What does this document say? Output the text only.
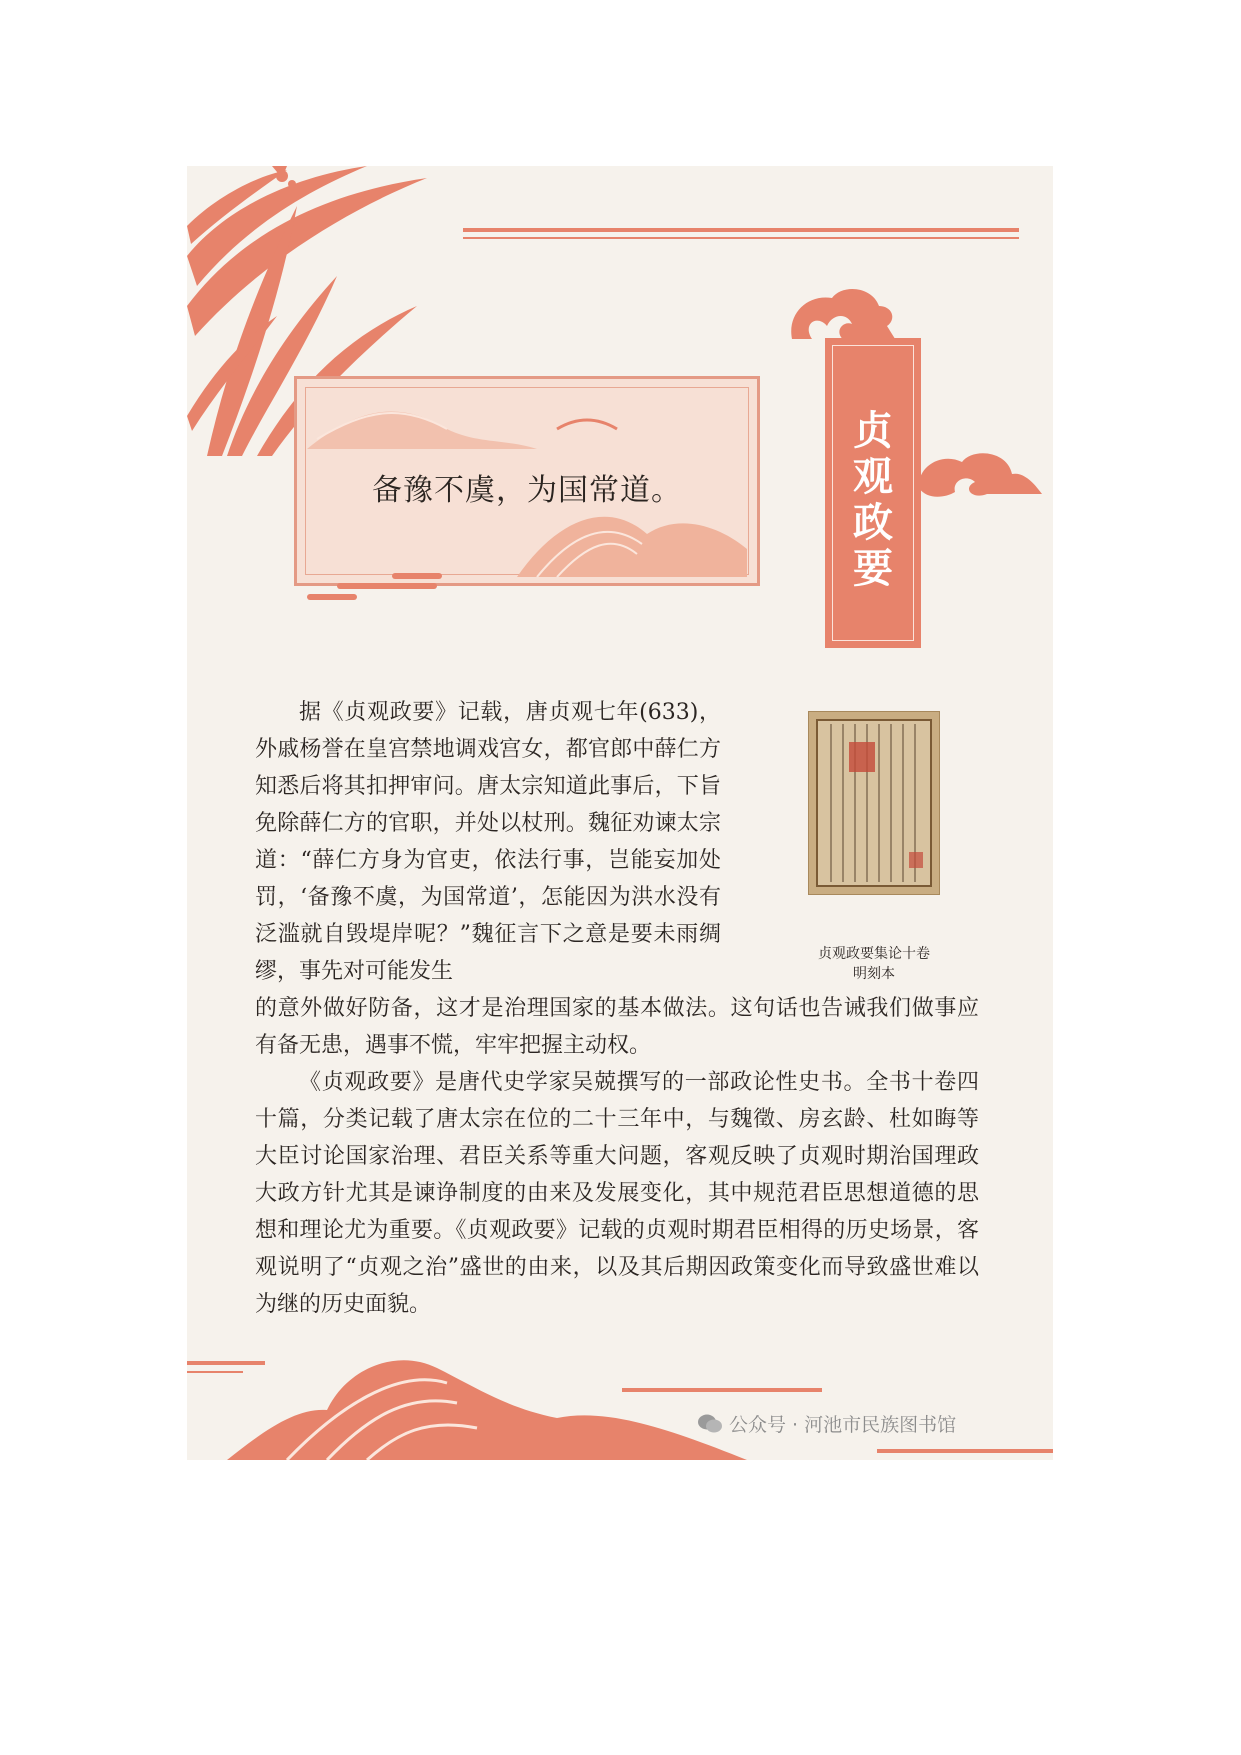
备豫不虞，为国常道。
贞观政要

据《贞观政要》记载，唐贞观七年(633)，外戚杨誉在皇宫禁地调戏宫女，都官郎中薛仁方知悉后将其扣押审问。唐太宗知道此事后，下旨免除薛仁方的官职，并处以杖刑。魏征劝谏太宗道：“薛仁方身为官吏，依法行事，岂能妄加处罚，‘备豫不虞，为国常道’，怎能因为洪水没有泛滥就自毁堤岸呢？”魏征言下之意是要未雨绸缪，事先对可能发生

的意外做好防备，这才是治理国家的基本做法。这句话也告诫我们做事应有备无患，遇事不慌，牢牢把握主动权。

《贞观政要》是唐代史学家吴兢撰写的一部政论性史书。全书十卷四十篇，分类记载了唐太宗在位的二十三年中，与魏徵、房玄龄、杜如晦等大臣讨论国家治理、君臣关系等重大问题，客观反映了贞观时期治国理政大政方针尤其是谏诤制度的由来及发展变化，其中规范君臣思想道德的思想和理论尤为重要。《贞观政要》记载的贞观时期君臣相得的历史场景，客观说明了“贞观之治”盛世的由来，以及其后期因政策变化而导致盛世难以为继的历史面貌。

贞观政要集论十卷
明刻本
公众号 · 河池市民族图书馆
